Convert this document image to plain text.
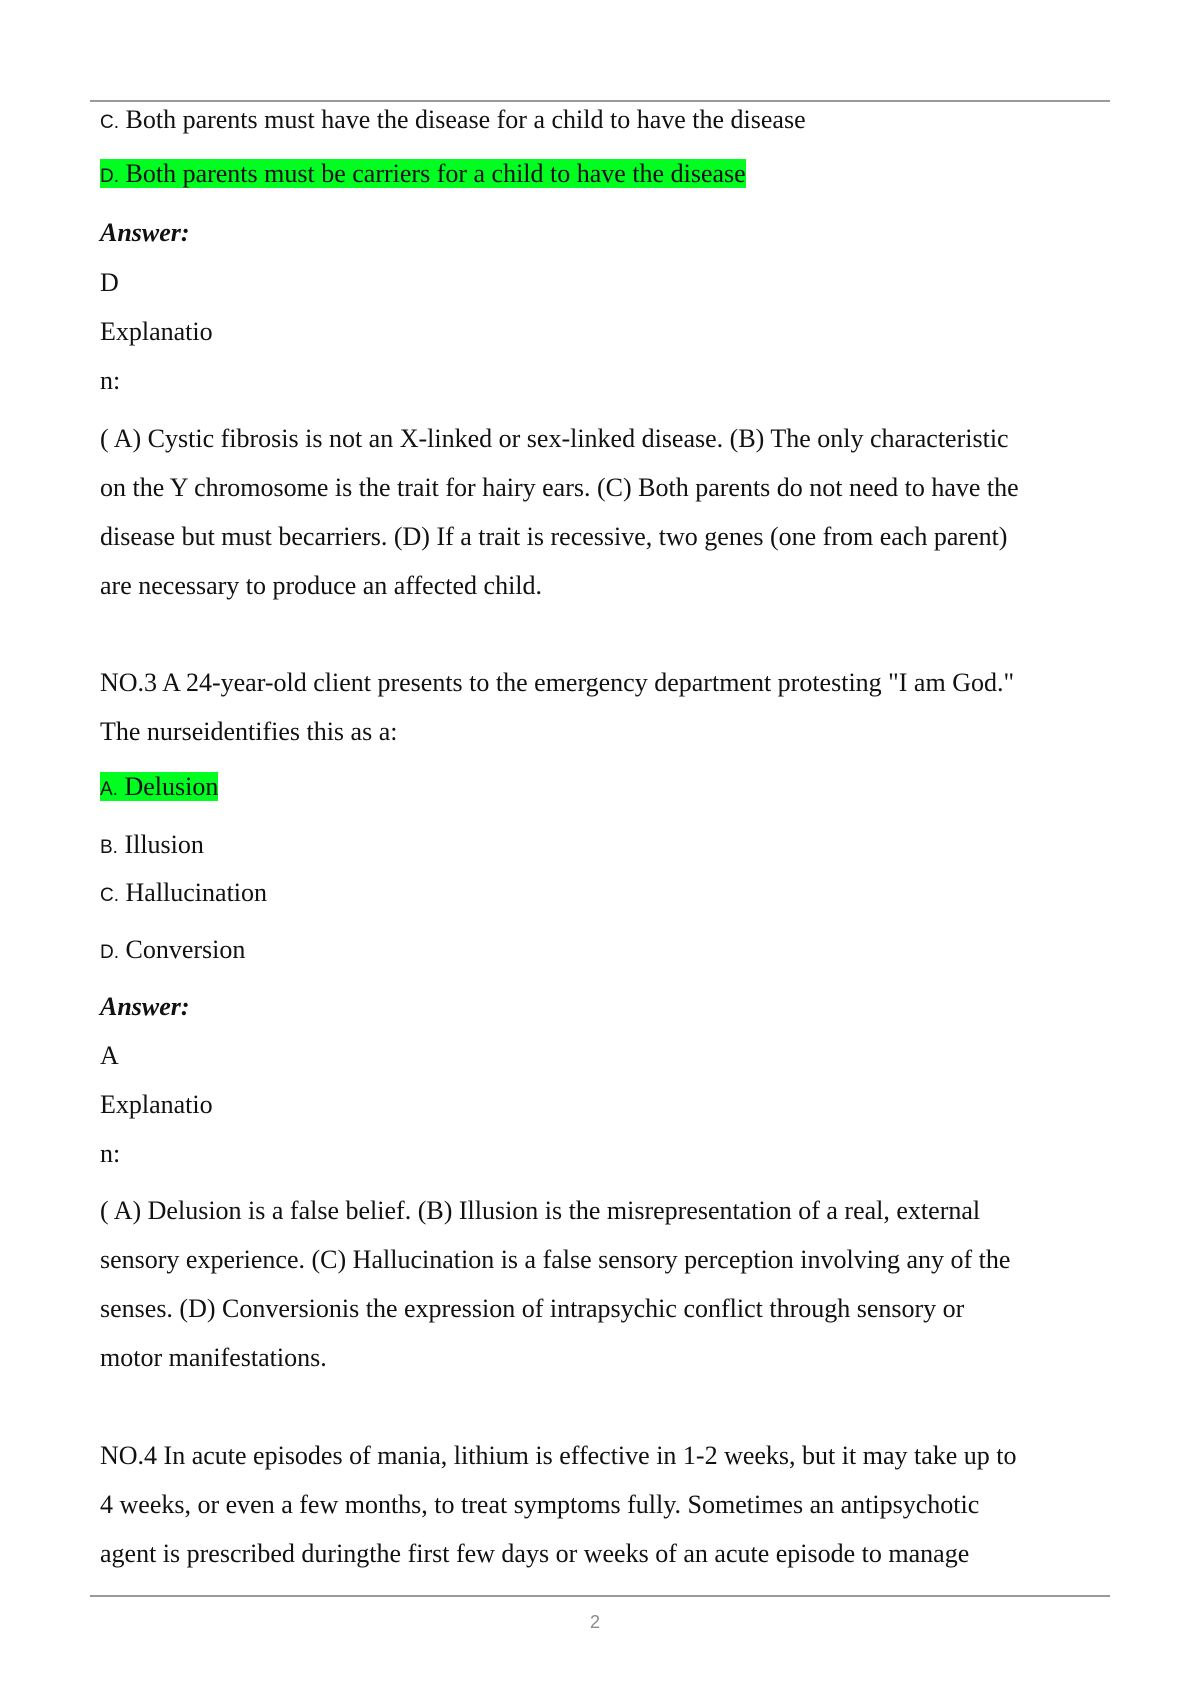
C. Both parents must have the disease for a child to have the disease
D. Both parents must be carriers for a child to have the disease
Answer:
D
Explanatio
n:
( A) Cystic fibrosis is not an X-linked or sex-linked disease. (B) The only characteristic
on the Y chromosome is the trait for hairy ears. (C) Both parents do not need to have the
disease but must becarriers. (D) If a trait is recessive, two genes (one from each parent)
are necessary to produce an affected child.
NO.3 A 24-year-old client presents to the emergency department protesting "I am God."
The nurseidentifies this as a:
A. Delusion
B. Illusion
C. Hallucination
D. Conversion
Answer:
A
Explanatio
n:
( A) Delusion is a false belief. (B) Illusion is the misrepresentation of a real, external
sensory experience. (C) Hallucination is a false sensory perception involving any of the
senses. (D) Conversionis the expression of intrapsychic conflict through sensory or
motor manifestations.
NO.4 In acute episodes of mania, lithium is effective in 1-2 weeks, but it may take up to
4 weeks, or even a few months, to treat symptoms fully. Sometimes an antipsychotic
agent is prescribed duringthe first few days or weeks of an acute episode to manage
2
